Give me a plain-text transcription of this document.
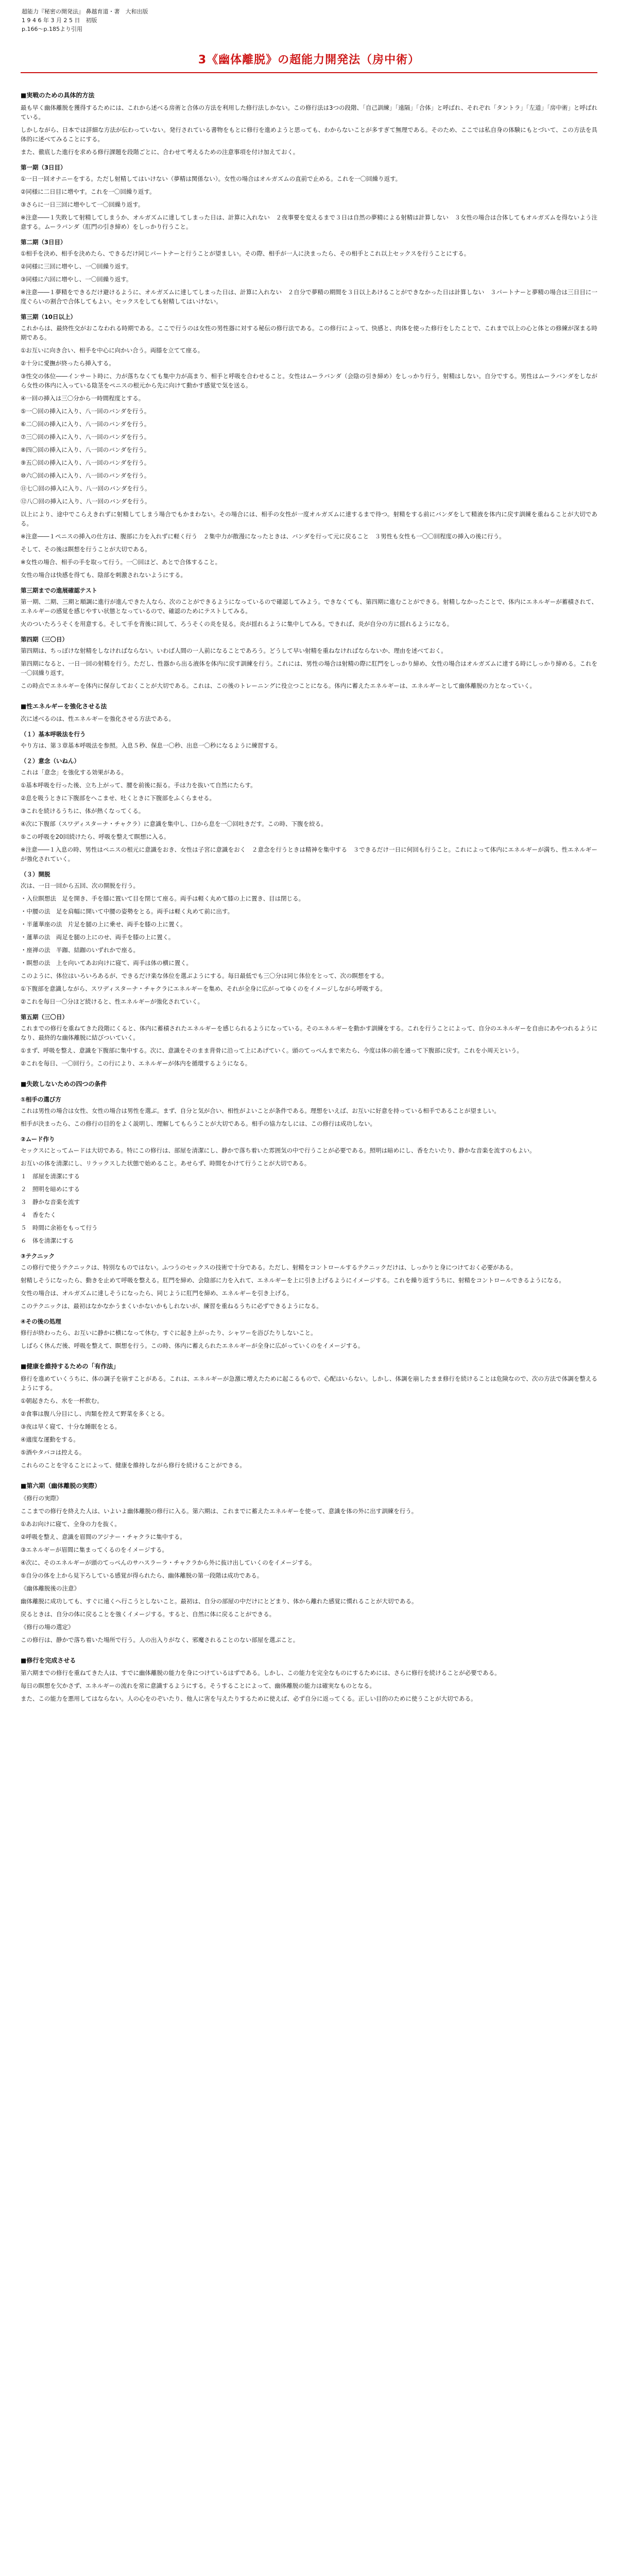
超能力『秘密の開発法』 鼻越育道・著　大和出版
1 9 4 6 年 3 月 2 5 日　初版
p.166〜p.185より引用
3《幽体離脱》の超能力開発法（房中術）
■実戦のための具体的方法

最も早く幽体離脱を獲得するためには、これから述べる房術と合体の方法を利用した修行法しかない。この修行法は3つの段階、「自己訓練」「遠隔」「合体」と呼ばれ、それぞれ「タントラ」「左道」「房中術」と呼ばれている。

しかしながら、日本では詳細な方法が伝わっていない。発行されている書物をもとに修行を進めようと思っても、わからないことが多すぎて無理である。そのため、ここでは私自身の体験にもとづいて、この方法を具体的に述べてみることにする。

また、徹底した進行を求める修行課題を段階ごとに、合わせて考えるための注意事項を付け加えておく。

第一期（3日目）

①一日一回オナニーをする。ただし射精してはいけない（夢精は関係ない）。女性の場合はオルガズムの直前で止める。これを一〇回繰り返す。

②同様に二日目に増やす。これを一〇回繰り返す。

③さらに一日三回に増やして一〇回繰り返す。

※注意――１失敗して射精してしまうか、オルガズムに達してしまった日は、計算に入れない　２夜事要を変えるまで３日は自然の夢精による射精は計算しない　３女性の場合は合体してもオルガズムを得ないよう注意する。ムーラバンダ（肛門の引き締め）をしっかり行うこと。

第二期（3日目）

①相手を決め、相手を決めたら、できるだけ同じパートナーと行うことが望ましい。その際、相手が一人に決まったら、その相手とこれ以上セックスを行うことにする。

②同様に三回に増やし、一〇回繰り返す。

③同様に六回に増やし、一〇回繰り返す。

※注意――１夢精をできるだけ避けるように、オルガズムに達してしまった日は、計算に入れない　２自分で夢精の期間を３日以上あけることができなかった日は計算しない　３パートナーと夢精の場合は三日目に一度ぐらいの割合で合体してもよい。セックスをしても射精してはいけない。

第三期（10日以上）

これからは、最終性交がおこなわれる時期である。ここで行うのは女性の男性器に対する秘伝の修行法である。この修行によって、快感と、肉体を使った修行をしたことで、これまで以上の心と体との修練が深まる時期である。

①お互いに向き合い、相手を中心に向かい合う。両膝を立てて座る。

②十分に愛撫が終ったら挿入する。

③性交の体位――インサート時に、力が落ちなくても集中力が高まり、相手と呼吸を合わせること。女性はムーラバンダ（会陰の引き締め）をしっかり行う。射精はしない。自分でする。男性はムーラバンダをしながら女性の体内に入っている陰茎をペニスの根元から先に向けて動かす感覚で気を送る。

④一回の挿入は三〇分から一時間程度とする。

⑤一〇回の挿入に入り、八一回のバンダを行う。

⑥二〇回の挿入に入り、八一回のバンダを行う。

⑦三〇回の挿入に入り、八一回のバンダを行う。

⑧四〇回の挿入に入り、八一回のバンダを行う。

⑨五〇回の挿入に入り、八一回のバンダを行う。

⑩六〇回の挿入に入り、八一回のバンダを行う。

⑪七〇回の挿入に入り、八一回のバンダを行う。

⑫八〇回の挿入に入り、八一回のバンダを行う。

以上により、途中でこらえきれずに射精してしまう場合でもかまわない。その場合には、相手の女性が一度オルガズムに達するまで待つ。射精をする前にバンダをして精液を体内に戻す訓練を重ねることが大切である。

※注意――１ペニスの挿入の仕方は、腹部に力を入れずに軽く行う　２集中力が散漫になったときは、バンダを行って元に戻ること　３男性も女性も一〇〇回程度の挿入の後に行う。

そして、その後は瞑想を行うことが大切である。

※女性の場合、相手の手を取って行う。一〇回ほど、あとで合体すること。

女性の場合は快感を得ても、陰部を刺激されないようにする。

第三期までの進展確認テスト

第一期、二期、三期と順調に進行が進んできた人なら、次のことができるようになっているので確認してみよう。できなくても、第四期に進むことができる。射精しなかったことで、体内にエネルギーが蓄積されて、エネルギーの感覚を感じやすい状態となっているので、確認のためにテストしてみる。

火のついたろうそくを用意する。そして手を背後に回して、ろうそくの炎を見る。炎が揺れるように集中してみる。できれば、炎が自分の方に揺れるようになる。

第四期（三〇日）

第四期は、ちっぽけな射精をしなければならない。いわば人間の一人前になることであろう。どうして早い射精を重ねなければならないか、理由を述べておく。

第四期になると、一日一回の射精を行う。ただし、性器から出る液体を体内に戻す訓練を行う。これには、男性の場合は射精の際に肛門をしっかり締め、女性の場合はオルガズムに達する時にしっかり締める。これを一〇回繰り返す。

この時点でエネルギーを体内に保存しておくことが大切である。これは、この後のトレーニングに役立つことになる。体内に蓄えたエネルギーは、エネルギーとして幽体離脱の力となっていく。

■性エネルギーを強化させる法

次に述べるのは、性エネルギーを強化させる方法である。

（１）基本呼吸法を行う

やり方は、第３章基本呼吸法を参照。入息５秒、保息一〇秒、出息一〇秒になるように練習する。

（２）意念（いねん）

これは「意念」を強化する効果がある。

①基本呼吸を行った後、立ち上がって、腰を前後に振る。手は力を抜いて自然にたらす。

②息を吸うときに下腹部をへこませ、吐くときに下腹部をふくらませる。

③これを続けるうちに、体が熱くなってくる。

④次に下腹部（スワディスターナ・チャクラ）に意識を集中し、口から息を一〇回吐きだす。この時、下腹を絞る。

⑤この呼吸を20回続けたら、呼吸を整えて瞑想に入る。

※注意――１入息の時、男性はペニスの根元に意識をおき、女性は子宮に意識をおく　２意念を行うときは精神を集中する　３できるだけ一日に何回も行うこと。これによって体内にエネルギーが満ち、性エネルギーが強化されていく。

（３）開脱

次は、一日一回から五回、次の開脱を行う。

・入位瞑想法　足を開き、手を膝に置いて目を閉じて座る。両手は軽く丸めて膝の上に置き、目は閉じる。

・中腰の法　足を肩幅に開いて中腰の姿勢をとる。両手は軽く丸めて前に出す。

・半蓮華座の法　片足を腿の上に乗せ、両手を膝の上に置く。

・蓮華の法　両足を腿の上にのせ、両手を膝の上に置く。

・座禅の法　半跏、結跏のいずれかで座る。

・瞑想の法　上を向いてあお向けに寝て、両手は体の横に置く。

このように、体位はいろいろあるが、できるだけ楽な体位を選ぶようにする。毎日最低でも三〇分は同じ体位をとって、次の瞑想をする。

①下腹部を意識しながら、スワディスターナ・チャクラにエネルギーを集め、それが全身に広がってゆくのをイメージしながら呼吸する。

②これを毎日一〇分ほど続けると、性エネルギーが強化されていく。

第五期（三〇日）

これまでの修行を重ねてきた段階にくると、体内に蓄積されたエネルギーを感じられるようになっている。そのエネルギーを動かす訓練をする。これを行うことによって、自分のエネルギーを自由にあやつれるようになり、最終的な幽体離脱に結びついていく。

①まず、呼吸を整え、意識を下腹部に集中する。次に、意識をそのまま背骨に沿って上にあげていく。頭のてっぺんまで来たら、今度は体の前を通って下腹部に戻す。これを小周天という。

②これを毎日、一〇回行う。この行により、エネルギーが体内を循環するようになる。

■失敗しないための四つの条件
①相手の選び方

これは男性の場合は女性、女性の場合は男性を選ぶ。まず、自分と気が合い、相性がよいことが条件である。理想をいえば、お互いに好意を持っている相手であることが望ましい。

相手が決まったら、この修行の目的をよく説明し、理解してもらうことが大切である。相手の協力なしには、この修行は成功しない。

②ムード作り

セックスにとってムードは大切である。特にこの修行は、部屋を清潔にし、静かで落ち着いた雰囲気の中で行うことが必要である。照明は暗めにし、香をたいたり、静かな音楽を流すのもよい。

お互いの体を清潔にし、リラックスした状態で始めること。あせらず、時間をかけて行うことが大切である。

１　部屋を清潔にする

２　照明を暗めにする

３　静かな音楽を流す

４　香をたく

５　時間に余裕をもって行う

６　体を清潔にする

③テクニック

この修行で使うテクニックは、特別なものではない。ふつうのセックスの技術で十分である。ただし、射精をコントロールするテクニックだけは、しっかりと身につけておく必要がある。

射精しそうになったら、動きを止めて呼吸を整える。肛門を締め、会陰部に力を入れて、エネルギーを上に引き上げるようにイメージする。これを繰り返すうちに、射精をコントロールできるようになる。

女性の場合は、オルガズムに達しそうになったら、同じように肛門を締め、エネルギーを引き上げる。

このテクニックは、最初はなかなかうまくいかないかもしれないが、練習を重ねるうちに必ずできるようになる。

④その後の処理

修行が終わったら、お互いに静かに横になって休む。すぐに起き上がったり、シャワーを浴びたりしないこと。

しばらく休んだ後、呼吸を整えて、瞑想を行う。この時、体内に蓄えられたエネルギーが全身に広がっていくのをイメージする。

■健康を維持するための「有作法」

修行を進めていくうちに、体の調子を崩すことがある。これは、エネルギーが急激に増えたために起こるもので、心配はいらない。しかし、体調を崩したまま修行を続けることは危険なので、次の方法で体調を整えるようにする。

①朝起きたら、水を一杯飲む。

②食事は腹八分目にし、肉類を控えて野菜を多くとる。

③夜は早く寝て、十分な睡眠をとる。

④適度な運動をする。

⑤酒やタバコは控える。

これらのことを守ることによって、健康を維持しながら修行を続けることができる。

■第六期（幽体離脱の実際）

《修行の実際》

ここまでの修行を終えた人は、いよいよ幽体離脱の修行に入る。第六期は、これまでに蓄えたエネルギーを使って、意識を体の外に出す訓練を行う。

①あお向けに寝て、全身の力を抜く。

②呼吸を整え、意識を眉間のアジナー・チャクラに集中する。

③エネルギーが眉間に集まってくるのをイメージする。

④次に、そのエネルギーが頭のてっぺんのサハスラーラ・チャクラから外に抜け出していくのをイメージする。

⑤自分の体を上から見下ろしている感覚が得られたら、幽体離脱の第一段階は成功である。

《幽体離脱後の注意》

幽体離脱に成功しても、すぐに遠くへ行こうとしないこと。最初は、自分の部屋の中だけにとどまり、体から離れた感覚に慣れることが大切である。

戻るときは、自分の体に戻ることを強くイメージする。すると、自然に体に戻ることができる。

《修行の場の選定》

この修行は、静かで落ち着いた場所で行う。人の出入りがなく、邪魔されることのない部屋を選ぶこと。

■修行を完成させる

第六期までの修行を重ねてきた人は、すでに幽体離脱の能力を身につけているはずである。しかし、この能力を完全なものにするためには、さらに修行を続けることが必要である。

毎日の瞑想を欠かさず、エネルギーの流れを常に意識するようにする。そうすることによって、幽体離脱の能力は確実なものとなる。

また、この能力を悪用してはならない。人の心をのぞいたり、他人に害を与えたりするために使えば、必ず自分に返ってくる。正しい目的のために使うことが大切である。
